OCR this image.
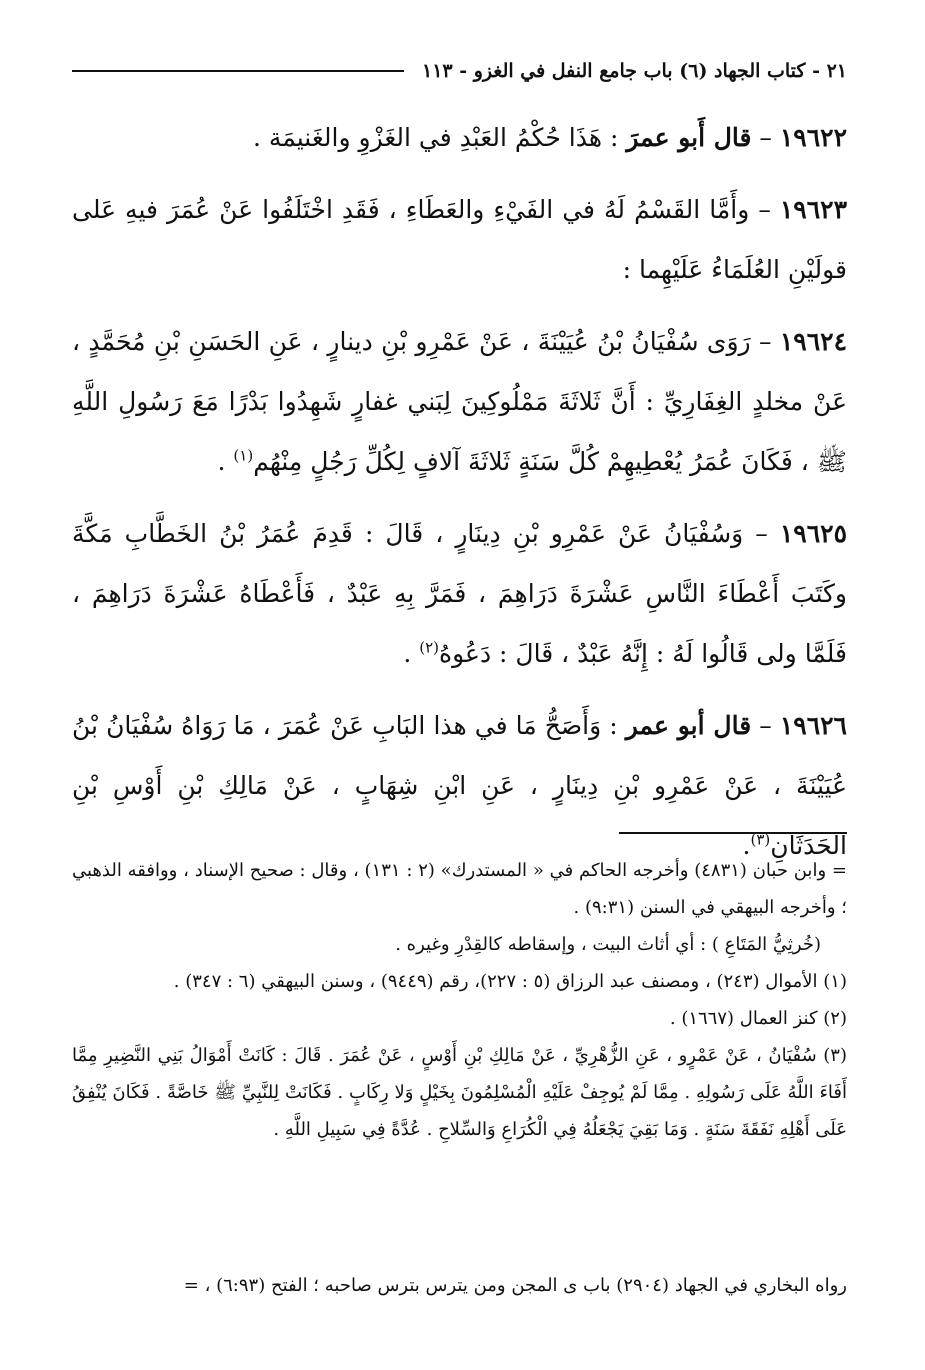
٢١ - كتاب الجهاد (٦) باب جامع النفل في الغزو - ١١٣

١٩٦٢٢ – قال أَبو عمرَ : هَذَا حُكْمُ العَبْدِ في الغَزْوِ والغَنيمَة .

١٩٦٢٣ – وأَمَّا القَسْمُ لَهُ في الفَيْءِ والعَطَاءِ ، فَقَدِ اخْتَلَفُوا عَنْ عُمَرَ فيهِ عَلى قولَيْنِ العُلَمَاءُ عَلَيْهِما :

١٩٦٢٤ – رَوَى سُفْيَانُ بْنُ عُيَيْنَةَ ، عَنْ عَمْرِو بْنِ دينارٍ ، عَنِ الحَسَنِ بْنِ مُحَمَّدٍ ، عَنْ مخلدٍ الغِفَارِيِّ : أَنَّ ثَلاثَةَ مَمْلُوكِينَ لِبَني غفارٍ شَهِدُوا بَدْرًا مَعَ رَسُولِ اللَّهِ ﷺ ، فَكَانَ عُمَرُ يُعْطِيهِمْ كُلَّ سَنَةٍ ثَلاثَةَ آلافٍ لِكُلِّ رَجُلٍ مِنْهُم$^{(١)}$ .

١٩٦٢٥ – وَسُفْيَانُ عَنْ عَمْرِو بْنِ دِينَارٍ ، قَالَ : قَدِمَ عُمَرُ بْنُ الخَطَّابِ مَكَّةَ وكَتَبَ أَعْطَاءَ النَّاسِ عَشْرَةَ دَرَاهِمَ ، فَمَرَّ بِهِ عَبْدٌ ، فَأَعْطَاهُ عَشْرَةَ دَرَاهِمَ ، فَلَمَّا ولى قَالُوا لَهُ : إِنَّهُ عَبْدٌ ، قَالَ : دَعُوهُ$^{(٢)}$ .

١٩٦٢٦ – قال أبو عمر : وَأَصَحُّ مَا في هذا البَابِ عَنْ عُمَرَ ، مَا رَوَاهُ سُفْيَانُ بْنُ عُيَيْنَةَ ، عَنْ عَمْرِو بْنِ دِينَارٍ ، عَنِ ابْنِ شِهَابٍ ، عَنْ مَالِكِ بْنِ أَوْسِ بْنِ الحَدَثَانِ$^{(٣)}$.

= وابن حبان (٤٨٣١) وأخرجه الحاكم في « المستدرك» (٢ : ١٣١) ، وقال : صحيح الإسناد ، ووافقه الذهبي ؛ وأخرجه البيهقي في السنن (٩:٣١) .

(خُرثِيُّ المَتَاعِ ) : أي أثاث البيت ، وإسقاطه كالقِدْرِ وغيره .

(١) الأموال (٢٤٣) ، ومصنف عبد الرزاق (٥ : ٢٢٧)، رقم (٩٤٤٩) ، وسنن البيهقي (٦ : ٣٤٧) .

(٢) كنز العمال (١٦٦٧) .

(٣) سُفْيَانُ ، عَنْ عَمْرٍو ، عَنِ الزُّهْرِيِّ ، عَنْ مَالِكِ بْنِ أَوْسٍ ، عَنْ عُمَرَ . قَالَ : كَانَتْ أَمْوَالُ بَنِي النَّضِيرِ مِمَّا أَفَاءَ اللَّهُ عَلَى رَسُولِهِ . مِمَّا لَمْ يُوجِفْ عَلَيْهِ الْمُسْلِمُونَ بِخَيْلٍ وَلا رِكَابٍ . فَكَانَتْ لِلنَّبِيِّ ﷺ خَاصَّةً . فَكَانَ يُنْفِقُ عَلَى أَهْلِهِ نَفَقَةَ سَنَةٍ . وَمَا بَقِيَ يَجْعَلُهُ فِي الْكُرَاعِ وَالسِّلاحِ . عُدَّةً فِي سَبِيلِ اللَّهِ .

رواه البخاري في الجهاد (٢٩٠٤) باب ى المجن ومن يترس بترس صاحبه ؛ الفتح (٦:٩٣) ، =
